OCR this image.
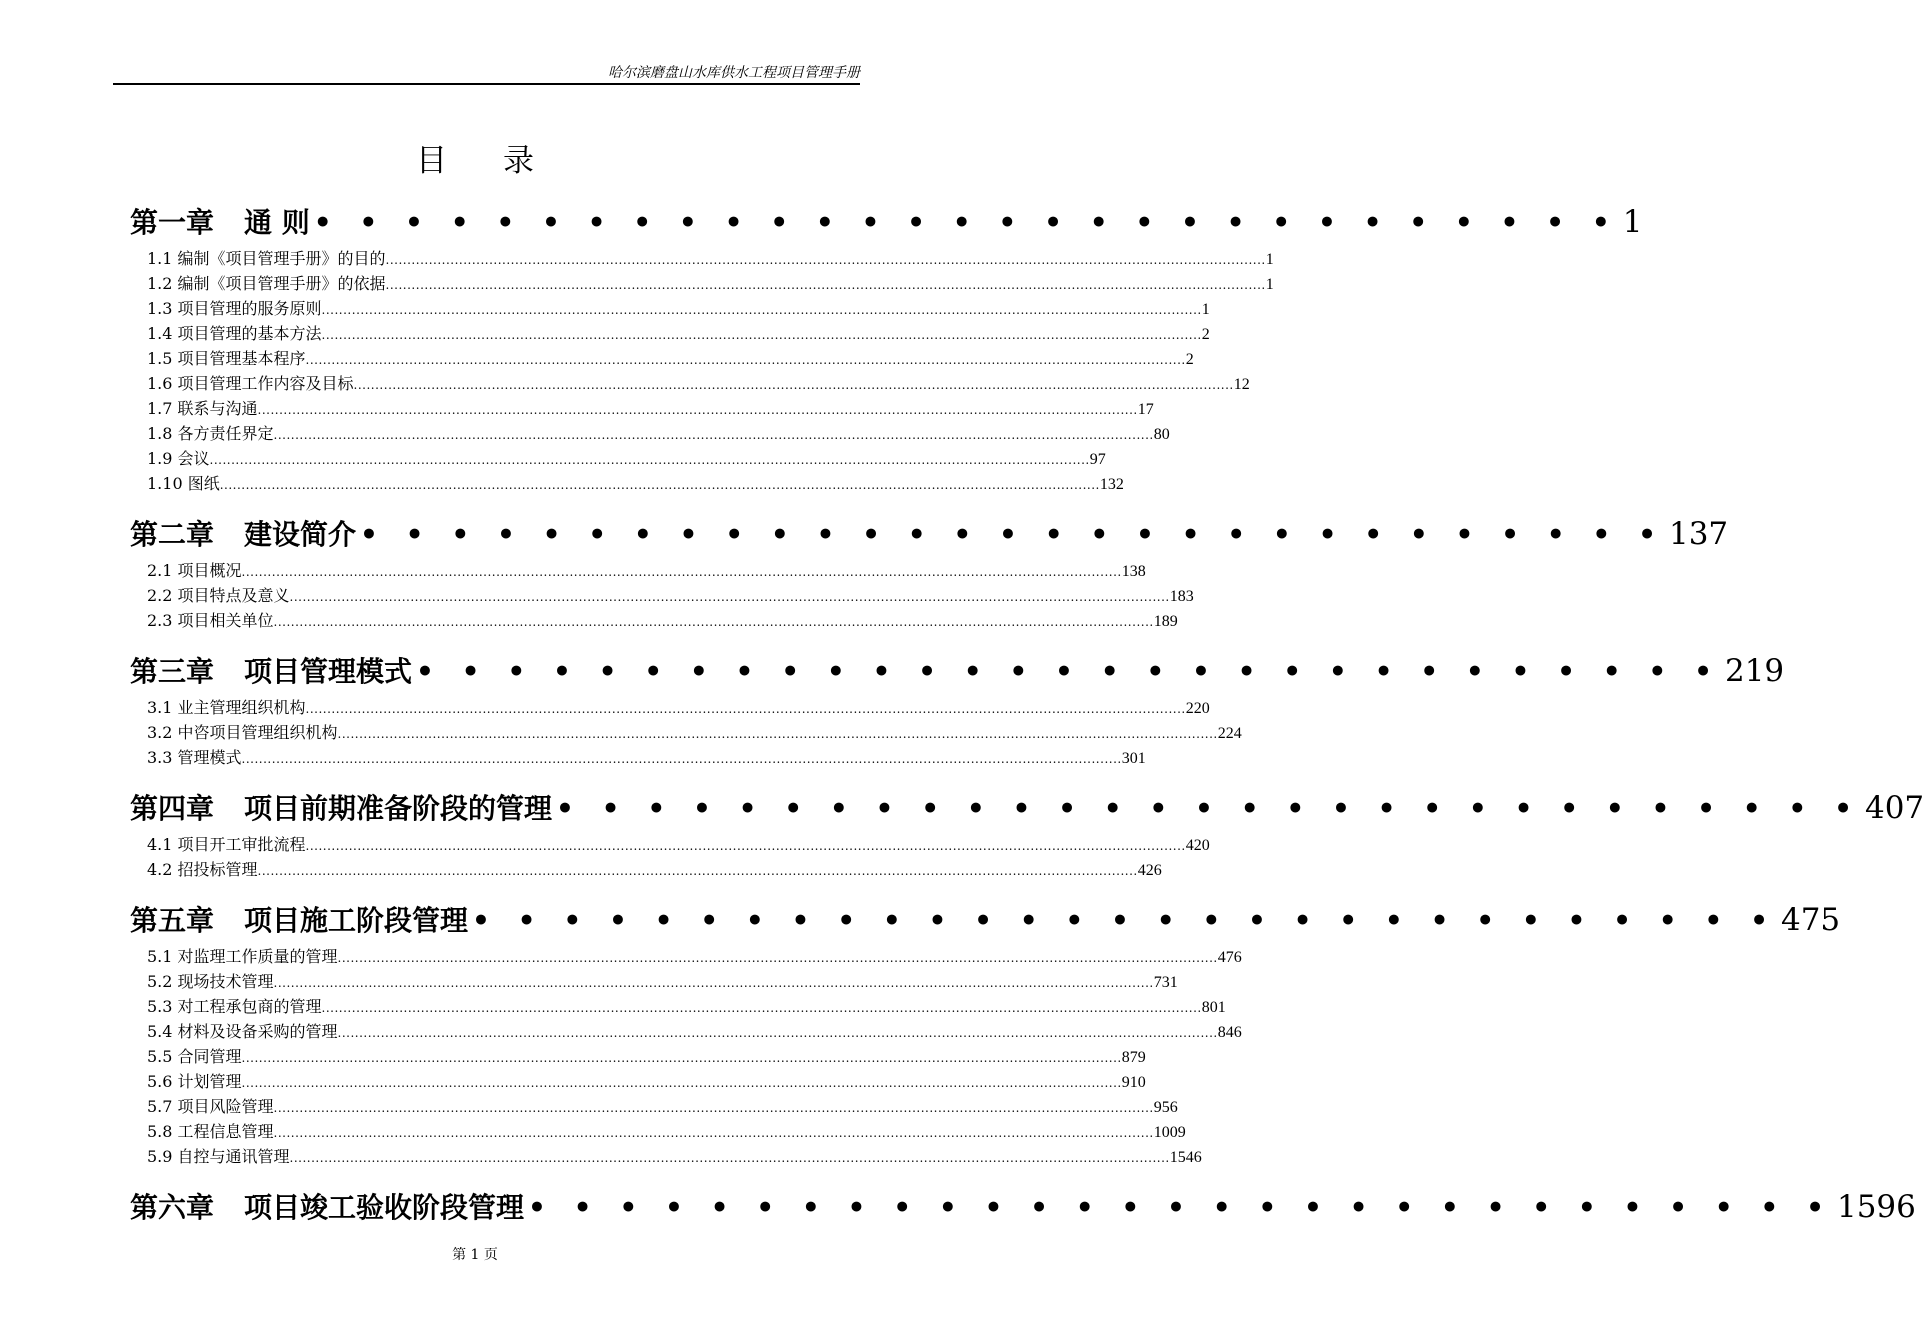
哈尔滨磨盘山水库供水工程项目管理手册
目 录
第一章 通 则 • • • • • • • • • • • • • • • • • • • • • • • • • • • • • 1
1.1 编制《项目管理手册》的目的 ............................................................................................................................................................................................................ 1
1.2 编制《项目管理手册》的依据 ............................................................................................................................................................................................................ 1
1.3 项目管理的服务原则 ............................................................................................................................................................................................................ 1
1.4 项目管理的基本方法 ............................................................................................................................................................................................................ 2
1.5 项目管理基本程序 ............................................................................................................................................................................................................ 2
1.6 项目管理工作内容及目标 ............................................................................................................................................................................................................ 12
1.7 联系与沟通 ............................................................................................................................................................................................................ 17
1.8 各方责任界定 ............................................................................................................................................................................................................ 80
1.9 会议 ............................................................................................................................................................................................................ 97
1.10 图纸 ............................................................................................................................................................................................................ 132
第二章 建设简介 • • • • • • • • • • • • • • • • • • • • • • • • • • • • • 137
2.1 项目概况 ............................................................................................................................................................................................................ 138
2.2 项目特点及意义 ............................................................................................................................................................................................................ 183
2.3 项目相关单位 ............................................................................................................................................................................................................ 189
第三章 项目管理模式 • • • • • • • • • • • • • • • • • • • • • • • • • • • • • 219
3.1 业主管理组织机构 ............................................................................................................................................................................................................ 220
3.2 中咨项目管理组织机构 ............................................................................................................................................................................................................ 224
3.3 管理模式 ............................................................................................................................................................................................................ 301
第四章 项目前期准备阶段的管理 • • • • • • • • • • • • • • • • • • • • • • • • • • • • • 407
4.1 项目开工审批流程 ............................................................................................................................................................................................................ 420
4.2 招投标管理 ............................................................................................................................................................................................................ 426
第五章 项目施工阶段管理 • • • • • • • • • • • • • • • • • • • • • • • • • • • • • 475
5.1 对监理工作质量的管理 ............................................................................................................................................................................................................ 476
5.2 现场技术管理 ............................................................................................................................................................................................................ 731
5.3 对工程承包商的管理 ............................................................................................................................................................................................................ 801
5.4 材料及设备采购的管理 ............................................................................................................................................................................................................ 846
5.5 合同管理 ............................................................................................................................................................................................................ 879
5.6 计划管理 ............................................................................................................................................................................................................ 910
5.7 项目风险管理 ............................................................................................................................................................................................................ 956
5.8 工程信息管理 ............................................................................................................................................................................................................ 1009
5.9 自控与通讯管理 ............................................................................................................................................................................................................ 1546
第六章 项目竣工验收阶段管理 • • • • • • • • • • • • • • • • • • • • • • • • • • • • • 1596
第 1 页
